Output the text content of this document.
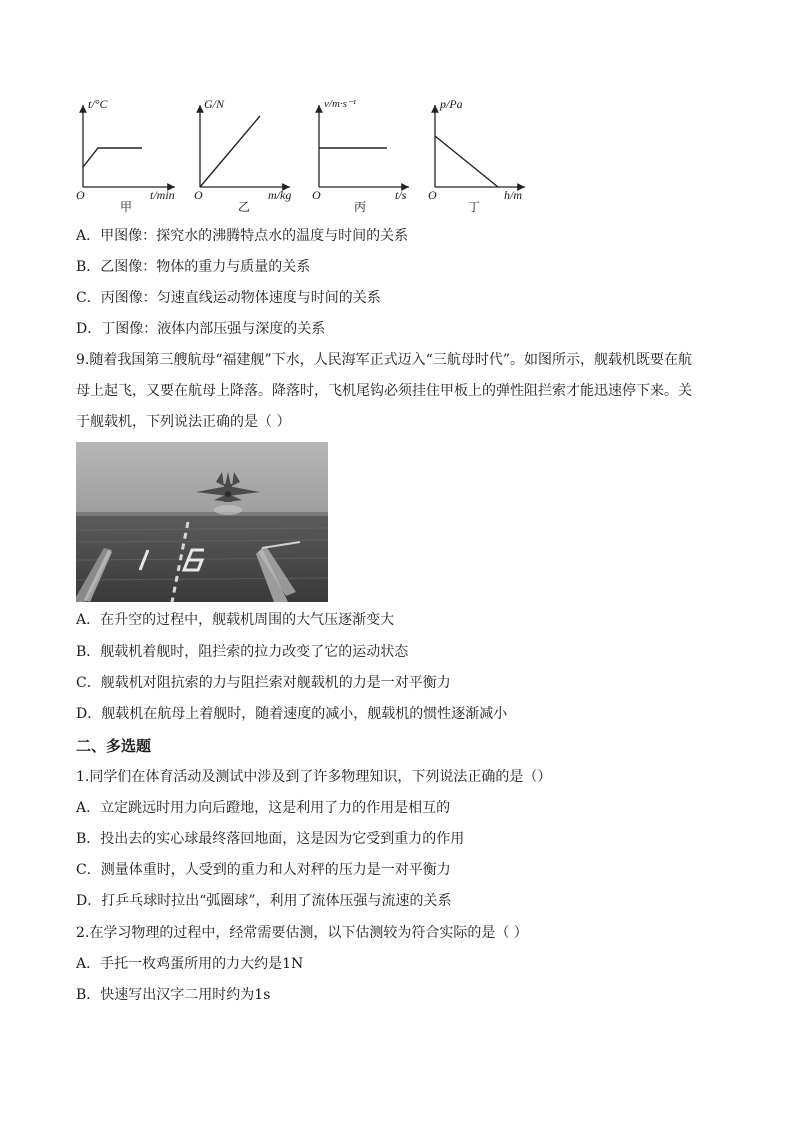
t/°C
O	t/min
甲
G/N
O	m/kg
乙
v/m·s⁻¹
O	t/s
丙
p/Pa
O	h/m
丁
A．甲图像：探究水的沸腾特点水的温度与时间的关系
B．乙图像：物体的重力与质量的关系
C．丙图像：匀速直线运动物体速度与时间的关系
D．丁图像：液体内部压强与深度的关系
9.随着我国第三艘航母“福建舰”下水，人民海军正式迈入“三航母时代”。如图所示，舰载机既要在航
母上起飞，又要在航母上降落。降落时，飞机尾钩必须挂住甲板上的弹性阻拦索才能迅速停下来。关
于舰载机，下列说法正确的是（ ）
A．在升空的过程中，舰载机周围的大气压逐渐变大
B．舰载机着舰时，阻拦索的拉力改变了它的运动状态
C．舰载机对阻抗索的力与阻拦索对舰载机的力是一对平衡力
D．舰载机在航母上着舰时，随着速度的减小，舰载机的惯性逐渐减小
二、多选题
1.同学们在体育活动及测试中涉及到了许多物理知识，下列说法正确的是（）
A．立定跳远时用力向后蹬地，这是利用了力的作用是相互的
B．投出去的实心球最终落回地面，这是因为它受到重力的作用
C．测量体重时，人受到的重力和人对秤的压力是一对平衡力
D．打乒乓球时拉出“弧圈球”，利用了流体压强与流速的关系
2.在学习物理的过程中，经常需要估测，以下估测较为符合实际的是（ ）
A．手托一枚鸡蛋所用的力大约是1N
B．快速写出汉字二用时约为1s
